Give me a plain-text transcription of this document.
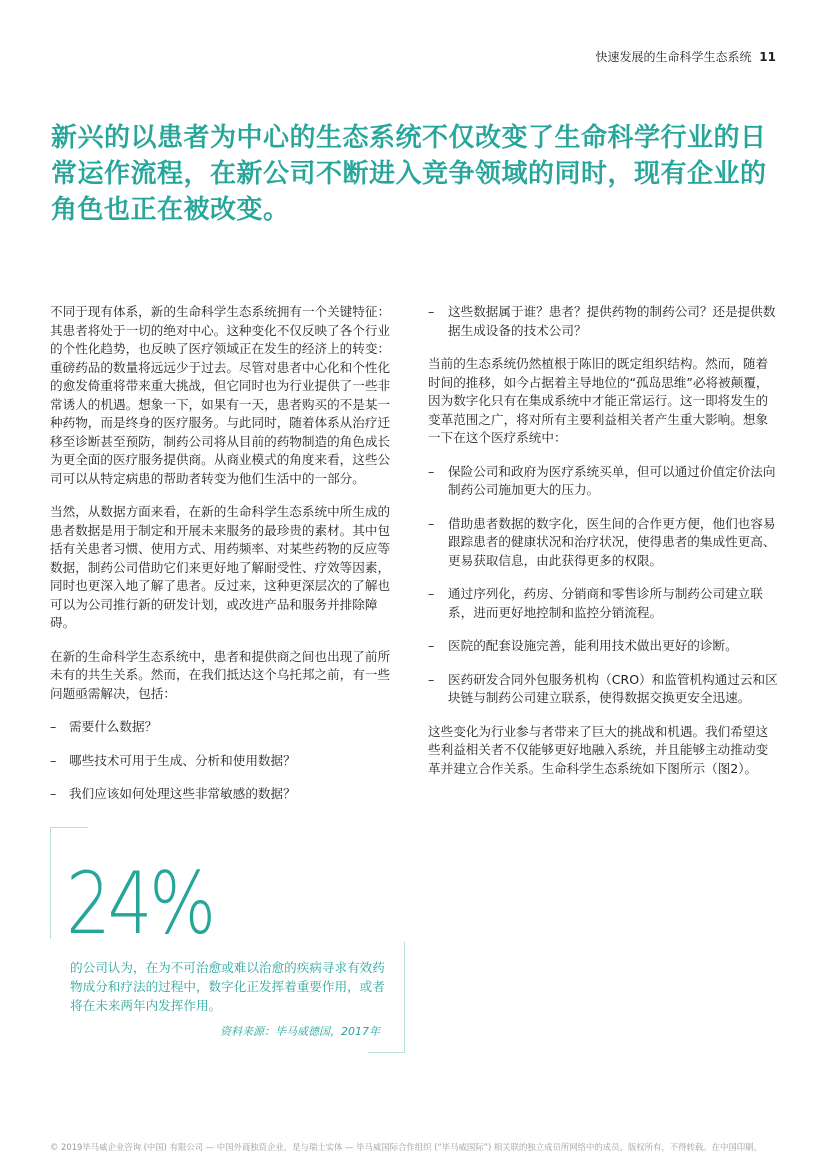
快速发展的生命科学生态系统 11
新兴的以患者为中心的生态系统不仅改变了生命科学行业的日常运作流程，在新公司不断进入竞争领域的同时，现有企业的角色也正在被改变。

不同于现有体系，新的生命科学生态系统拥有一个关键特征：其患者将处于一切的绝对中心。这种变化不仅反映了各个行业的个性化趋势，也反映了医疗领域正在发生的经济上的转变：重磅药品的数量将远远少于过去。尽管对患者中心化和个性化的愈发倚重将带来重大挑战，但它同时也为行业提供了一些非常诱人的机遇。想象一下，如果有一天，患者购买的不是某一种药物，而是终身的医疗服务。与此同时，随着体系从治疗迁移至诊断甚至预防，制药公司将从目前的药物制造的角色成长为更全面的医疗服务提供商。从商业模式的角度来看，这些公司可以从特定病患的帮助者转变为他们生活中的一部分。

当然，从数据方面来看，在新的生命科学生态系统中所生成的患者数据是用于制定和开展未来服务的最珍贵的素材。其中包括有关患者习惯、使用方式、用药频率、对某些药物的反应等数据，制药公司借助它们来更好地了解耐受性、疗效等因素，同时也更深入地了解了患者。反过来，这种更深层次的了解也可以为公司推行新的研发计划，或改进产品和服务并排除障碍。

在新的生命科学生态系统中，患者和提供商之间也出现了前所未有的共生关系。然而，在我们抵达这个乌托邦之前，有一些问题亟需解决，包括：

– 需要什么数据？
– 哪些技术可用于生成、分析和使用数据？
– 我们应该如何处理这些非常敏感的数据？
– 这些数据属于谁？患者？提供药物的制药公司？还是提供数据生成设备的技术公司？

当前的生态系统仍然植根于陈旧的既定组织结构。然而，随着时间的推移，如今占据着主导地位的“孤岛思维”必将被颠覆，因为数字化只有在集成系统中才能正常运行。这一即将发生的变革范围之广，将对所有主要利益相关者产生重大影响。想象一下在这个医疗系统中：

– 保险公司和政府为医疗系统买单，但可以通过价值定价法向制药公司施加更大的压力。
– 借助患者数据的数字化，医生间的合作更方便，他们也容易跟踪患者的健康状况和治疗状况，使得患者的集成性更高、更易获取信息，由此获得更多的权限。
– 通过序列化，药房、分销商和零售诊所与制药公司建立联系，进而更好地控制和监控分销流程。
– 医院的配套设施完善，能利用技术做出更好的诊断。
– 医药研发合同外包服务机构（CRO）和监管机构通过云和区块链与制药公司建立联系，使得数据交换更安全迅速。

这些变化为行业参与者带来了巨大的挑战和机遇。我们希望这些利益相关者不仅能够更好地融入系统，并且能够主动推动变革并建立合作关系。生命科学生态系统如下图所示（图2）。

24%

的公司认为，在为不可治愈或难以治愈的疾病寻求有效药物成分和疗法的过程中，数字化正发挥着重要作用，或者将在未来两年内发挥作用。

资料来源：毕马威德国，2017年
© 2019毕马威企业咨询 (中国) 有限公司 — 中国外商独资企业，是与瑞士实体 — 毕马威国际合作组织 (“毕马威国际”) 相关联的独立成员所网络中的成员。版权所有，不得转载。在中国印刷。
